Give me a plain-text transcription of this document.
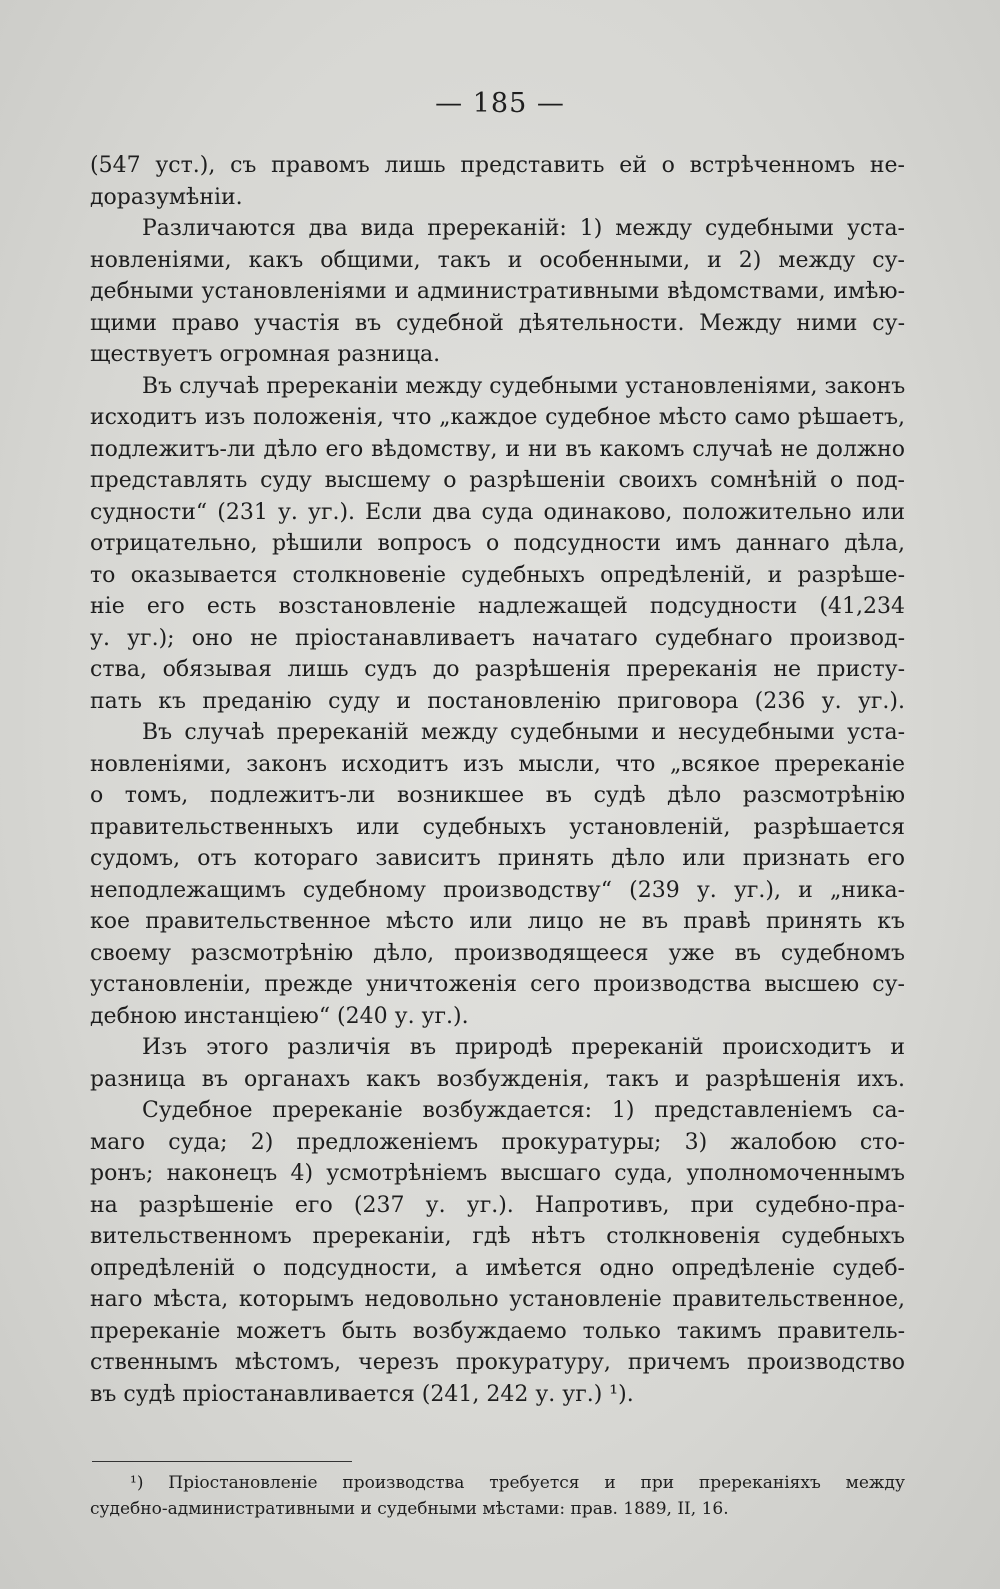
— 185 —
(547 уст.), съ правомъ лишь представить ей о встрѣченномъ не-
доразумѣніи.
Различаются два вида пререканій: 1) между судебными уста-
новленіями, какъ общими, такъ и особенными, и 2) между су-
дебными установленіями и административными вѣдомствами, имѣю-
щими право участія въ судебной дѣятельности. Между ними су-
ществуетъ огромная разница.
Въ случаѣ пререканіи между судебными установленіями, законъ
исходитъ изъ положенія, что „каждое судебное мѣсто само рѣшаетъ,
подлежитъ-ли дѣло его вѣдомству, и ни въ какомъ случаѣ не должно
представлять суду высшему о разрѣшеніи своихъ сомнѣній о под-
судности“ (231 у. уг.). Если два суда одинаково, положительно или
отрицательно, рѣшили вопросъ о подсудности имъ даннаго дѣла,
то оказывается столкновеніе судебныхъ опредѣленій, и разрѣше-
ніе его есть возстановленіе надлежащей подсудности (41,234
у. уг.); оно не пріостанавливаетъ начатаго судебнаго производ-
ства, обязывая лишь судъ до разрѣшенія пререканія не присту-
пать къ преданію суду и постановленію приговора (236 у. уг.).
Въ случаѣ пререканій между судебными и несудебными уста-
новленіями, законъ исходитъ изъ мысли, что „всякое пререканіе
о томъ, подлежитъ-ли возникшее въ судѣ дѣло разсмотрѣнію
правительственныхъ или судебныхъ установленій, разрѣшается
судомъ, отъ котораго зависитъ принять дѣло или признать его
неподлежащимъ судебному производству“ (239 у. уг.), и „ника-
кое правительственное мѣсто или лицо не въ правѣ принять къ
своему разсмотрѣнію дѣло, производящееся уже въ судебномъ
установленіи, прежде уничтоженія сего производства высшею су-
дебною инстанціею“ (240 у. уг.).
Изъ этого различія въ природѣ пререканій происходитъ и
разница въ органахъ какъ возбужденія, такъ и разрѣшенія ихъ.
Судебное пререканіе возбуждается: 1) представленіемъ са-
маго суда; 2) предложеніемъ прокуратуры; 3) жалобою сто-
ронъ; наконецъ 4) усмотрѣніемъ высшаго суда, уполномоченнымъ
на разрѣшеніе его (237 у. уг.). Напротивъ, при судебно-пра-
вительственномъ пререканіи, гдѣ нѣтъ столкновенія судебныхъ
опредѣленій о подсудности, а имѣется одно опредѣленіе судеб-
наго мѣста, которымъ недовольно установленіе правительственное,
пререканіе можетъ быть возбуждаемо только такимъ правитель-
ственнымъ мѣстомъ, черезъ прокуратуру, причемъ производство
въ судѣ пріостанавливается (241, 242 у. уг.) ¹).
¹) Пріостановленіе производства требуется и при пререканіяхъ между
судебно-административными и судебными мѣстами: прав. 1889, II, 16.
